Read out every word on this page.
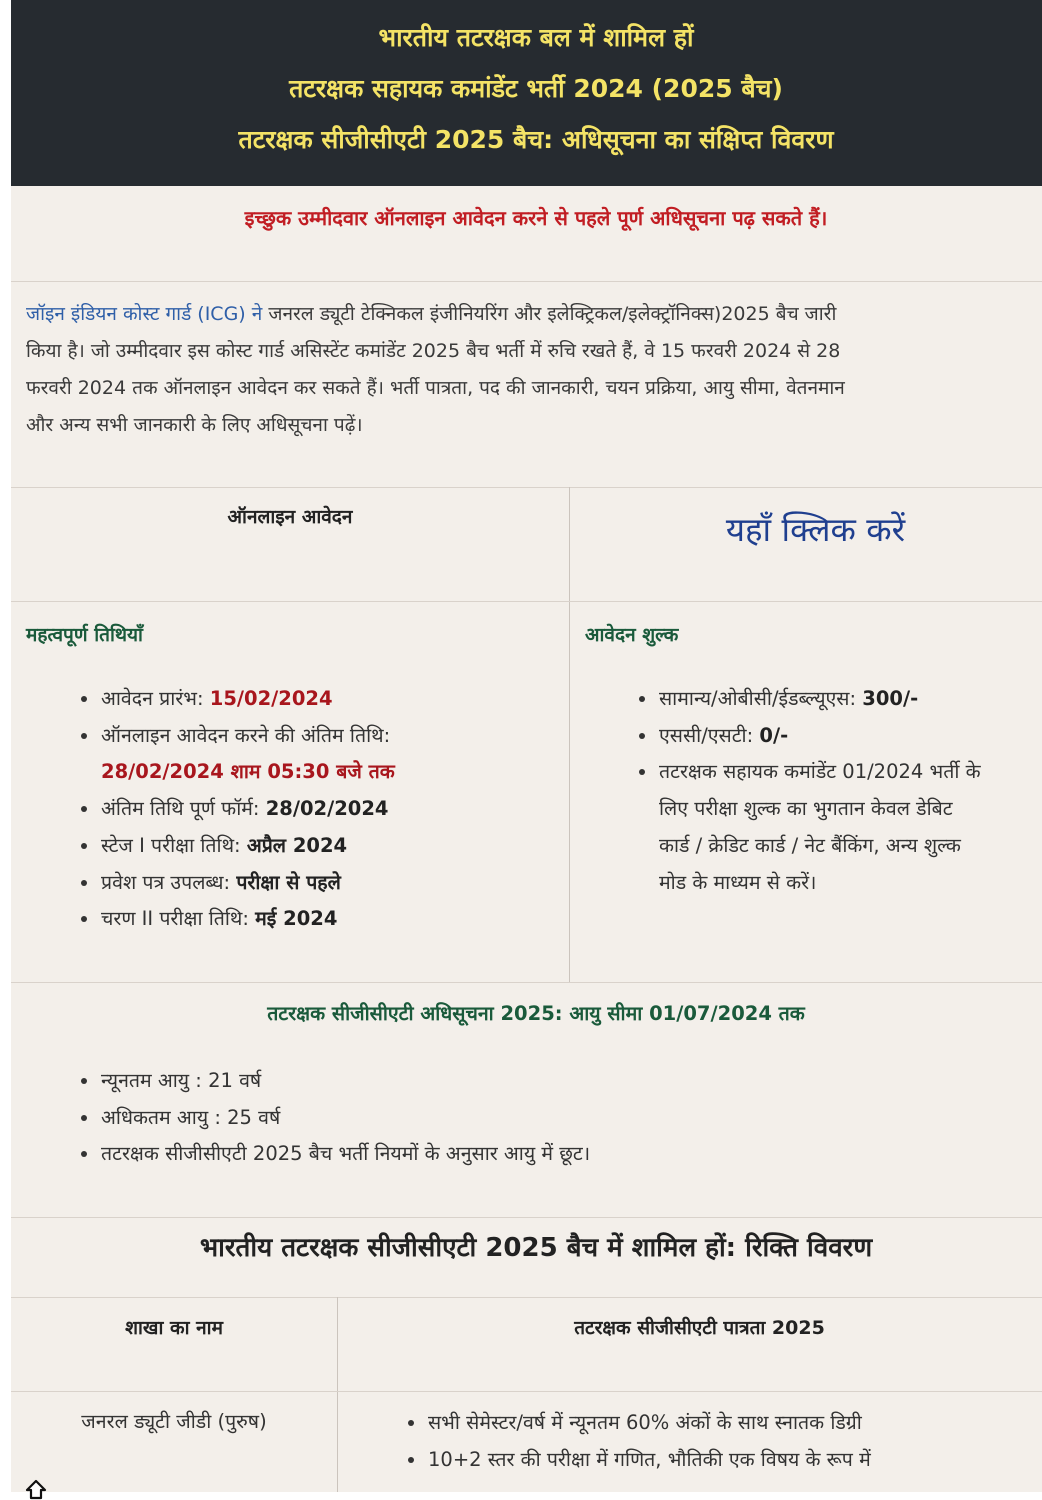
भारतीय तटरक्षक बल में शामिल हों
तटरक्षक सहायक कमांडेंट भर्ती 2024 (2025 बैच)
तटरक्षक सीजीसीएटी 2025 बैच: अधिसूचना का संक्षिप्त विवरण
इच्छुक उम्मीदवार ऑनलाइन आवेदन करने से पहले पूर्ण अधिसूचना पढ़ सकते हैं।
जॉइन इंडियन कोस्ट गार्ड (ICG) ने जनरल ड्यूटी टेक्निकल इंजीनियरिंग और इलेक्ट्रिकल/इलेक्ट्रॉनिक्स)2025 बैच जारी
किया है। जो उम्मीदवार इस कोस्ट गार्ड असिस्टेंट कमांडेंट 2025 बैच भर्ती में रुचि रखते हैं, वे 15 फरवरी 2024 से 28
फरवरी 2024 तक ऑनलाइन आवेदन कर सकते हैं। भर्ती पात्रता, पद की जानकारी, चयन प्रक्रिया, आयु सीमा, वेतनमान
और अन्य सभी जानकारी के लिए अधिसूचना पढ़ें।
ऑनलाइन आवेदन	यहाँ क्लिक करें
महत्वपूर्ण तिथियाँ
आवेदन प्रारंभ: 15/02/2024
ऑनलाइन आवेदन करने की अंतिम तिथि:
28/02/2024 शाम 05:30 बजे तक
अंतिम तिथि पूर्ण फॉर्म: 28/02/2024
स्टेज I परीक्षा तिथि: अप्रैल 2024
प्रवेश पत्र उपलब्ध: परीक्षा से पहले
चरण II परीक्षा तिथि: मई 2024
आवेदन शुल्क
सामान्य/ओबीसी/ईडब्ल्यूएस: 300/-
एससी/एसटी: 0/-
तटरक्षक सहायक कमांडेंट 01/2024 भर्ती के
लिए परीक्षा शुल्क का भुगतान केवल डेबिट
कार्ड / क्रेडिट कार्ड / नेट बैंकिंग, अन्य शुल्क
मोड के माध्यम से करें।
तटरक्षक सीजीसीएटी अधिसूचना 2025: आयु सीमा 01/07/2024 तक
न्यूनतम आयु : 21 वर्ष
अधिकतम आयु : 25 वर्ष
तटरक्षक सीजीसीएटी 2025 बैच भर्ती नियमों के अनुसार आयु में छूट।
भारतीय तटरक्षक सीजीसीएटी 2025 बैच में शामिल हों: रिक्ति विवरण
शाखा का नाम	तटरक्षक सीजीसीएटी पात्रता 2025
जनरल ड्यूटी जीडी (पुरुष)	सभी सेमेस्टर/वर्ष में न्यूनतम 60% अंकों के साथ स्नातक डिग्री
10+2 स्तर की परीक्षा में गणित, भौतिकी एक विषय के रूप में
